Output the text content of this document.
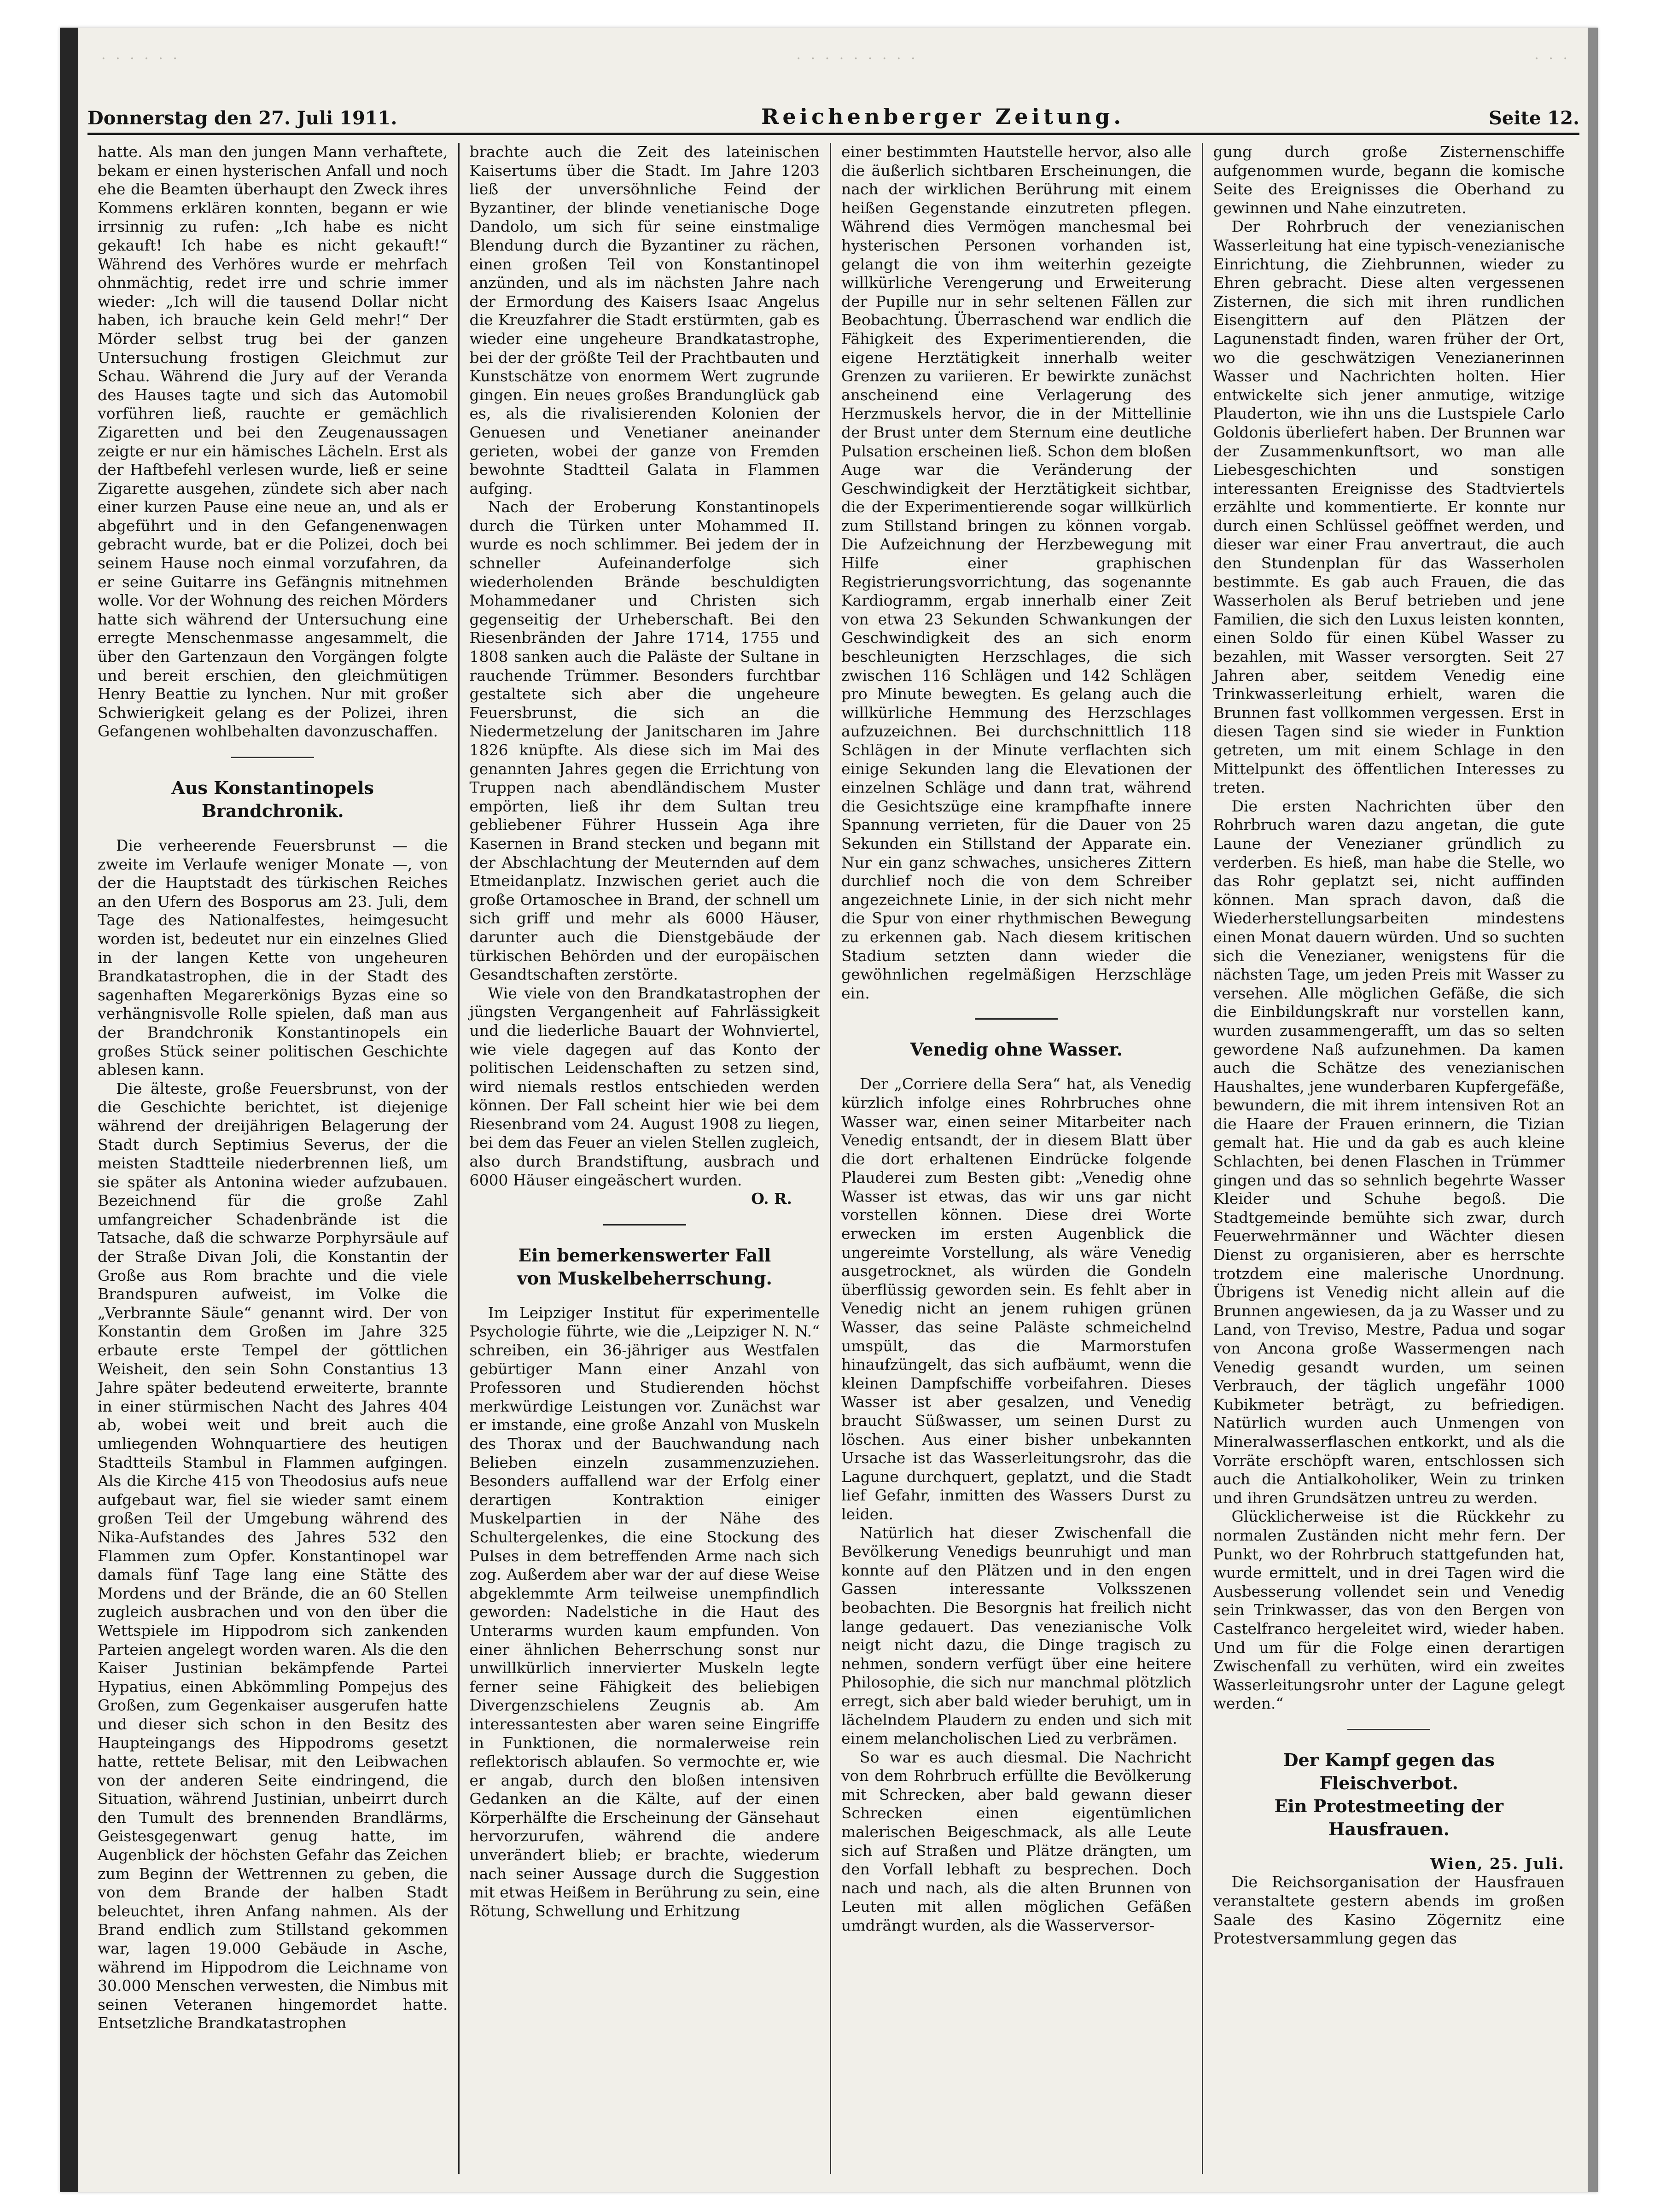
· · · · · ·	· · · · · · · · ·	· · ·
Donnerstag den 27. Juli 1911.	Reichenberger Zeitung.	Seite 12.

hatte. Als man den jungen Mann verhaftete, bekam er einen hysterischen Anfall und noch ehe die Beamten überhaupt den Zweck ihres Kommens erklären konnten, begann er wie irrsinnig zu rufen: „Ich habe es nicht gekauft! Ich habe es nicht gekauft!“ Während des Verhöres wurde er mehrfach ohnmächtig, redet irre und schrie immer wieder: „Ich will die tausend Dollar nicht haben, ich brauche kein Geld mehr!“ Der Mörder selbst trug bei der ganzen Untersuchung frostigen Gleichmut zur Schau. Während die Jury auf der Veranda des Hauses tagte und sich das Automobil vorführen ließ, rauchte er gemächlich Zigaretten und bei den Zeugenaussagen zeigte er nur ein hämisches Lächeln. Erst als der Haftbefehl verlesen wurde, ließ er seine Zigarette ausgehen, zündete sich aber nach einer kurzen Pause eine neue an, und als er abgeführt und in den Gefangenenwagen gebracht wurde, bat er die Polizei, doch bei seinem Hause noch einmal vorzufahren, da er seine Guitarre ins Gefängnis mitnehmen wolle. Vor der Wohnung des reichen Mörders hatte sich während der Untersuchung eine erregte Menschenmasse angesammelt, die über den Gartenzaun den Vorgängen folgte und bereit erschien, den gleichmütigen Henry Beattie zu lynchen. Nur mit großer Schwierigkeit gelang es der Polizei, ihren Gefangenen wohlbehalten davonzuschaffen.

Aus Konstantinopels Brandchronik.

Die verheerende Feuersbrunst — die zweite im Verlaufe weniger Monate —, von der die Hauptstadt des türkischen Reiches an den Ufern des Bosporus am 23. Juli, dem Tage des Nationalfestes, heimgesucht worden ist, bedeutet nur ein einzelnes Glied in der langen Kette von ungeheuren Brandkatastrophen, die in der Stadt des sagenhaften Megarerkönigs Byzas eine so verhängnisvolle Rolle spielen, daß man aus der Brandchronik Konstantinopels ein großes Stück seiner politischen Geschichte ablesen kann.

Die älteste, große Feuersbrunst, von der die Geschichte berichtet, ist diejenige während der dreijährigen Belagerung der Stadt durch Septimius Severus, der die meisten Stadtteile niederbrennen ließ, um sie später als Antonina wieder aufzubauen. Bezeichnend für die große Zahl umfangreicher Schadenbrände ist die Tatsache, daß die schwarze Porphyrsäule auf der Straße Divan Joli, die Konstantin der Große aus Rom brachte und die viele Brandspuren aufweist, im Volke die „Verbrannte Säule“ genannt wird. Der von Konstantin dem Großen im Jahre 325 erbaute erste Tempel der göttlichen Weisheit, den sein Sohn Constantius 13 Jahre später bedeutend erweiterte, brannte in einer stürmischen Nacht des Jahres 404 ab, wobei weit und breit auch die umliegenden Wohnquartiere des heutigen Stadtteils Stambul in Flammen aufgingen. Als die Kirche 415 von Theodosius aufs neue aufgebaut war, fiel sie wieder samt einem großen Teil der Umgebung während des Nika-Aufstandes des Jahres 532 den Flammen zum Opfer. Konstantinopel war damals fünf Tage lang eine Stätte des Mordens und der Brände, die an 60 Stellen zugleich ausbrachen und von den über die Wettspiele im Hippodrom sich zankenden Parteien angelegt worden waren. Als die den Kaiser Justinian bekämpfende Partei Hypatius, einen Abkömmling Pompejus des Großen, zum Gegenkaiser ausgerufen hatte und dieser sich schon in den Besitz des Haupteingangs des Hippodroms gesetzt hatte, rettete Belisar, mit den Leibwachen von der anderen Seite eindringend, die Situation, während Justinian, unbeirrt durch den Tumult des brennenden Brandlärms, Geistesgegenwart genug hatte, im Augenblick der höchsten Gefahr das Zeichen zum Beginn der Wettrennen zu geben, die von dem Brande der halben Stadt beleuchtet, ihren Anfang nahmen. Als der Brand endlich zum Stillstand gekommen war, lagen 19.000 Gebäude in Asche, während im Hippodrom die Leichname von 30.000 Menschen verwesten, die Nimbus mit seinen Veteranen hingemordet hatte. Entsetzliche Brandkatastrophen

brachte auch die Zeit des lateinischen Kaisertums über die Stadt. Im Jahre 1203 ließ der unversöhnliche Feind der Byzantiner, der blinde venetianische Doge Dandolo, um sich für seine einstmalige Blendung durch die Byzantiner zu rächen, einen großen Teil von Konstantinopel anzünden, und als im nächsten Jahre nach der Ermordung des Kaisers Isaac Angelus die Kreuzfahrer die Stadt erstürmten, gab es wieder eine ungeheure Brandkatastrophe, bei der der größte Teil der Prachtbauten und Kunstschätze von enormem Wert zugrunde gingen. Ein neues großes Brandunglück gab es, als die rivalisierenden Kolonien der Genuesen und Venetianer aneinander gerieten, wobei der ganze von Fremden bewohnte Stadtteil Galata in Flammen aufging.

Nach der Eroberung Konstantinopels durch die Türken unter Mohammed II. wurde es noch schlimmer. Bei jedem der in schneller Aufeinanderfolge sich wiederholenden Brände beschuldigten Mohammedaner und Christen sich gegenseitig der Urheberschaft. Bei den Riesenbränden der Jahre 1714, 1755 und 1808 sanken auch die Paläste der Sultane in rauchende Trümmer. Besonders furchtbar gestaltete sich aber die ungeheure Feuersbrunst, die sich an die Niedermetzelung der Janitscharen im Jahre 1826 knüpfte. Als diese sich im Mai des genannten Jahres gegen die Errichtung von Truppen nach abendländischem Muster empörten, ließ ihr dem Sultan treu gebliebener Führer Hussein Aga ihre Kasernen in Brand stecken und begann mit der Abschlachtung der Meuternden auf dem Etmeidanplatz. Inzwischen geriet auch die große Ortamoschee in Brand, der schnell um sich griff und mehr als 6000 Häuser, darunter auch die Dienstgebäude der türkischen Behörden und der europäischen Gesandtschaften zerstörte.

Wie viele von den Brandkatastrophen der jüngsten Vergangenheit auf Fahrlässigkeit und die liederliche Bauart der Wohnviertel, wie viele dagegen auf das Konto der politischen Leidenschaften zu setzen sind, wird niemals restlos entschieden werden können. Der Fall scheint hier wie bei dem Riesenbrand vom 24. August 1908 zu liegen, bei dem das Feuer an vielen Stellen zugleich, also durch Brandstiftung, ausbrach und 6000 Häuser eingeäschert wurden.

O. R.

Ein bemerkenswerter Fall
von Muskelbeherrschung.

Im Leipziger Institut für experimentelle Psychologie führte, wie die „Leipziger N. N.“ schreiben, ein 36-jähriger aus Westfalen gebürtiger Mann einer Anzahl von Professoren und Studierenden höchst merkwürdige Leistungen vor. Zunächst war er imstande, eine große Anzahl von Muskeln des Thorax und der Bauchwandung nach Belieben einzeln zusammenzuziehen. Besonders auffallend war der Erfolg einer derartigen Kontraktion einiger Muskelpartien in der Nähe des Schultergelenkes, die eine Stockung des Pulses in dem betreffenden Arme nach sich zog. Außerdem aber war der auf diese Weise abgeklemmte Arm teilweise unempfindlich geworden: Nadelstiche in die Haut des Unterarms wurden kaum empfunden. Von einer ähnlichen Beherrschung sonst nur unwillkürlich innervierter Muskeln legte ferner seine Fähigkeit des beliebigen Divergenzschielens Zeugnis ab. Am interessantesten aber waren seine Eingriffe in Funktionen, die normalerweise rein reflektorisch ablaufen. So vermochte er, wie er angab, durch den bloßen intensiven Gedanken an die Kälte, auf der einen Körperhälfte die Erscheinung der Gänsehaut hervorzurufen, während die andere unverändert blieb; er brachte, wiederum nach seiner Aussage durch die Suggestion mit etwas Heißem in Berührung zu sein, eine Rötung, Schwellung und Erhitzung

einer bestimmten Hautstelle hervor, also alle die äußerlich sichtbaren Erscheinungen, die nach der wirklichen Berührung mit einem heißen Gegenstande einzutreten pflegen. Während dies Vermögen manchesmal bei hysterischen Personen vorhanden ist, gelangt die von ihm weiterhin gezeigte willkürliche Verengerung und Erweiterung der Pupille nur in sehr seltenen Fällen zur Beobachtung. Überraschend war endlich die Fähigkeit des Experimentierenden, die eigene Herztätigkeit innerhalb weiter Grenzen zu variieren. Er bewirkte zunächst anscheinend eine Verlagerung des Herzmuskels hervor, die in der Mittellinie der Brust unter dem Sternum eine deutliche Pulsation erscheinen ließ. Schon dem bloßen Auge war die Veränderung der Geschwindigkeit der Herztätigkeit sichtbar, die der Experimentierende sogar willkürlich zum Stillstand bringen zu können vorgab. Die Aufzeichnung der Herzbewegung mit Hilfe einer graphischen Registrierungsvorrichtung, das sogenannte Kardiogramm, ergab innerhalb einer Zeit von etwa 23 Sekunden Schwankungen der Geschwindigkeit des an sich enorm beschleunigten Herzschlages, die sich zwischen 116 Schlägen und 142 Schlägen pro Minute bewegten. Es gelang auch die willkürliche Hemmung des Herzschlages aufzuzeichnen. Bei durchschnittlich 118 Schlägen in der Minute verflachten sich einige Sekunden lang die Elevationen der einzelnen Schläge und dann trat, während die Gesichtszüge eine krampfhafte innere Spannung verrieten, für die Dauer von 25 Sekunden ein Stillstand der Apparate ein. Nur ein ganz schwaches, unsicheres Zittern durchlief noch die von dem Schreiber angezeichnete Linie, in der sich nicht mehr die Spur von einer rhythmischen Bewegung zu erkennen gab. Nach diesem kritischen Stadium setzten dann wieder die gewöhnlichen regelmäßigen Herzschläge ein.

Venedig ohne Wasser.

Der „Corriere della Sera“ hat, als Venedig kürzlich infolge eines Rohrbruches ohne Wasser war, einen seiner Mitarbeiter nach Venedig entsandt, der in diesem Blatt über die dort erhaltenen Eindrücke folgende Plauderei zum Besten gibt: „Venedig ohne Wasser ist etwas, das wir uns gar nicht vorstellen können. Diese drei Worte erwecken im ersten Augenblick die ungereimte Vorstellung, als wäre Venedig ausgetrocknet, als würden die Gondeln überflüssig geworden sein. Es fehlt aber in Venedig nicht an jenem ruhigen grünen Wasser, das seine Paläste schmeichelnd umspült, das die Marmorstufen hinaufzüngelt, das sich aufbäumt, wenn die kleinen Dampfschiffe vorbeifahren. Dieses Wasser ist aber gesalzen, und Venedig braucht Süßwasser, um seinen Durst zu löschen. Aus einer bisher unbekannten Ursache ist das Wasserleitungsrohr, das die Lagune durchquert, geplatzt, und die Stadt lief Gefahr, inmitten des Wassers Durst zu leiden.

Natürlich hat dieser Zwischenfall die Bevölkerung Venedigs beunruhigt und man konnte auf den Plätzen und in den engen Gassen interessante Volksszenen beobachten. Die Besorgnis hat freilich nicht lange gedauert. Das venezianische Volk neigt nicht dazu, die Dinge tragisch zu nehmen, sondern verfügt über eine heitere Philosophie, die sich nur manchmal plötzlich erregt, sich aber bald wieder beruhigt, um in lächelndem Plaudern zu enden und sich mit einem melancholischen Lied zu verbrämen.

So war es auch diesmal. Die Nachricht von dem Rohrbruch erfüllte die Bevölkerung mit Schrecken, aber bald gewann dieser Schrecken einen eigentümlichen malerischen Beigeschmack, als alle Leute sich auf Straßen und Plätze drängten, um den Vorfall lebhaft zu besprechen. Doch nach und nach, als die alten Brunnen von Leuten mit allen möglichen Gefäßen umdrängt wurden, als die Wasserversor-

gung durch große Zisternenschiffe aufgenommen wurde, begann die komische Seite des Ereignisses die Oberhand zu gewinnen und Nahe einzutreten.

Der Rohrbruch der venezianischen Wasserleitung hat eine typisch-venezianische Einrichtung, die Ziehbrunnen, wieder zu Ehren gebracht. Diese alten vergessenen Zisternen, die sich mit ihren rundlichen Eisengittern auf den Plätzen der Lagunenstadt finden, waren früher der Ort, wo die geschwätzigen Venezianerinnen Wasser und Nachrichten holten. Hier entwickelte sich jener anmutige, witzige Plauderton, wie ihn uns die Lustspiele Carlo Goldonis überliefert haben. Der Brunnen war der Zusammenkunftsort, wo man alle Liebesgeschichten und sonstigen interessanten Ereignisse des Stadtviertels erzählte und kommentierte. Er konnte nur durch einen Schlüssel geöffnet werden, und dieser war einer Frau anvertraut, die auch den Stundenplan für das Wasserholen bestimmte. Es gab auch Frauen, die das Wasserholen als Beruf betrieben und jene Familien, die sich den Luxus leisten konnten, einen Soldo für einen Kübel Wasser zu bezahlen, mit Wasser versorgten. Seit 27 Jahren aber, seitdem Venedig eine Trinkwasserleitung erhielt, waren die Brunnen fast vollkommen vergessen. Erst in diesen Tagen sind sie wieder in Funktion getreten, um mit einem Schlage in den Mittelpunkt des öffentlichen Interesses zu treten.

Die ersten Nachrichten über den Rohrbruch waren dazu angetan, die gute Laune der Venezianer gründlich zu verderben. Es hieß, man habe die Stelle, wo das Rohr geplatzt sei, nicht auffinden können. Man sprach davon, daß die Wiederherstellungsarbeiten mindestens einen Monat dauern würden. Und so suchten sich die Venezianer, wenigstens für die nächsten Tage, um jeden Preis mit Wasser zu versehen. Alle möglichen Gefäße, die sich die Einbildungskraft nur vorstellen kann, wurden zusammengerafft, um das so selten gewordene Naß aufzunehmen. Da kamen auch die Schätze des venezianischen Haushaltes, jene wunderbaren Kupfergefäße, bewundern, die mit ihrem intensiven Rot an die Haare der Frauen erinnern, die Tizian gemalt hat. Hie und da gab es auch kleine Schlachten, bei denen Flaschen in Trümmer gingen und das so sehnlich begehrte Wasser Kleider und Schuhe begoß. Die Stadtgemeinde bemühte sich zwar, durch Feuerwehrmänner und Wächter diesen Dienst zu organisieren, aber es herrschte trotzdem eine malerische Unordnung. Übrigens ist Venedig nicht allein auf die Brunnen angewiesen, da ja zu Wasser und zu Land, von Treviso, Mestre, Padua und sogar von Ancona große Wassermengen nach Venedig gesandt wurden, um seinen Verbrauch, der täglich ungefähr 1000 Kubikmeter beträgt, zu befriedigen. Natürlich wurden auch Unmengen von Mineralwasserflaschen entkorkt, und als die Vorräte erschöpft waren, entschlossen sich auch die Antialkoholiker, Wein zu trinken und ihren Grundsätzen untreu zu werden.

Glücklicherweise ist die Rückkehr zu normalen Zuständen nicht mehr fern. Der Punkt, wo der Rohrbruch stattgefunden hat, wurde ermittelt, und in drei Tagen wird die Ausbesserung vollendet sein und Venedig sein Trinkwasser, das von den Bergen von Castelfranco hergeleitet wird, wieder haben. Und um für die Folge einen derartigen Zwischenfall zu verhüten, wird ein zweites Wasserleitungsrohr unter der Lagune gelegt werden.“

Der Kampf gegen das Fleischverbot.
Ein Protestmeeting der Hausfrauen.

Wien, 25. Juli.

Die Reichsorganisation der Hausfrauen veranstaltete gestern abends im großen Saale des Kasino Zögernitz eine Protestversammlung gegen das
